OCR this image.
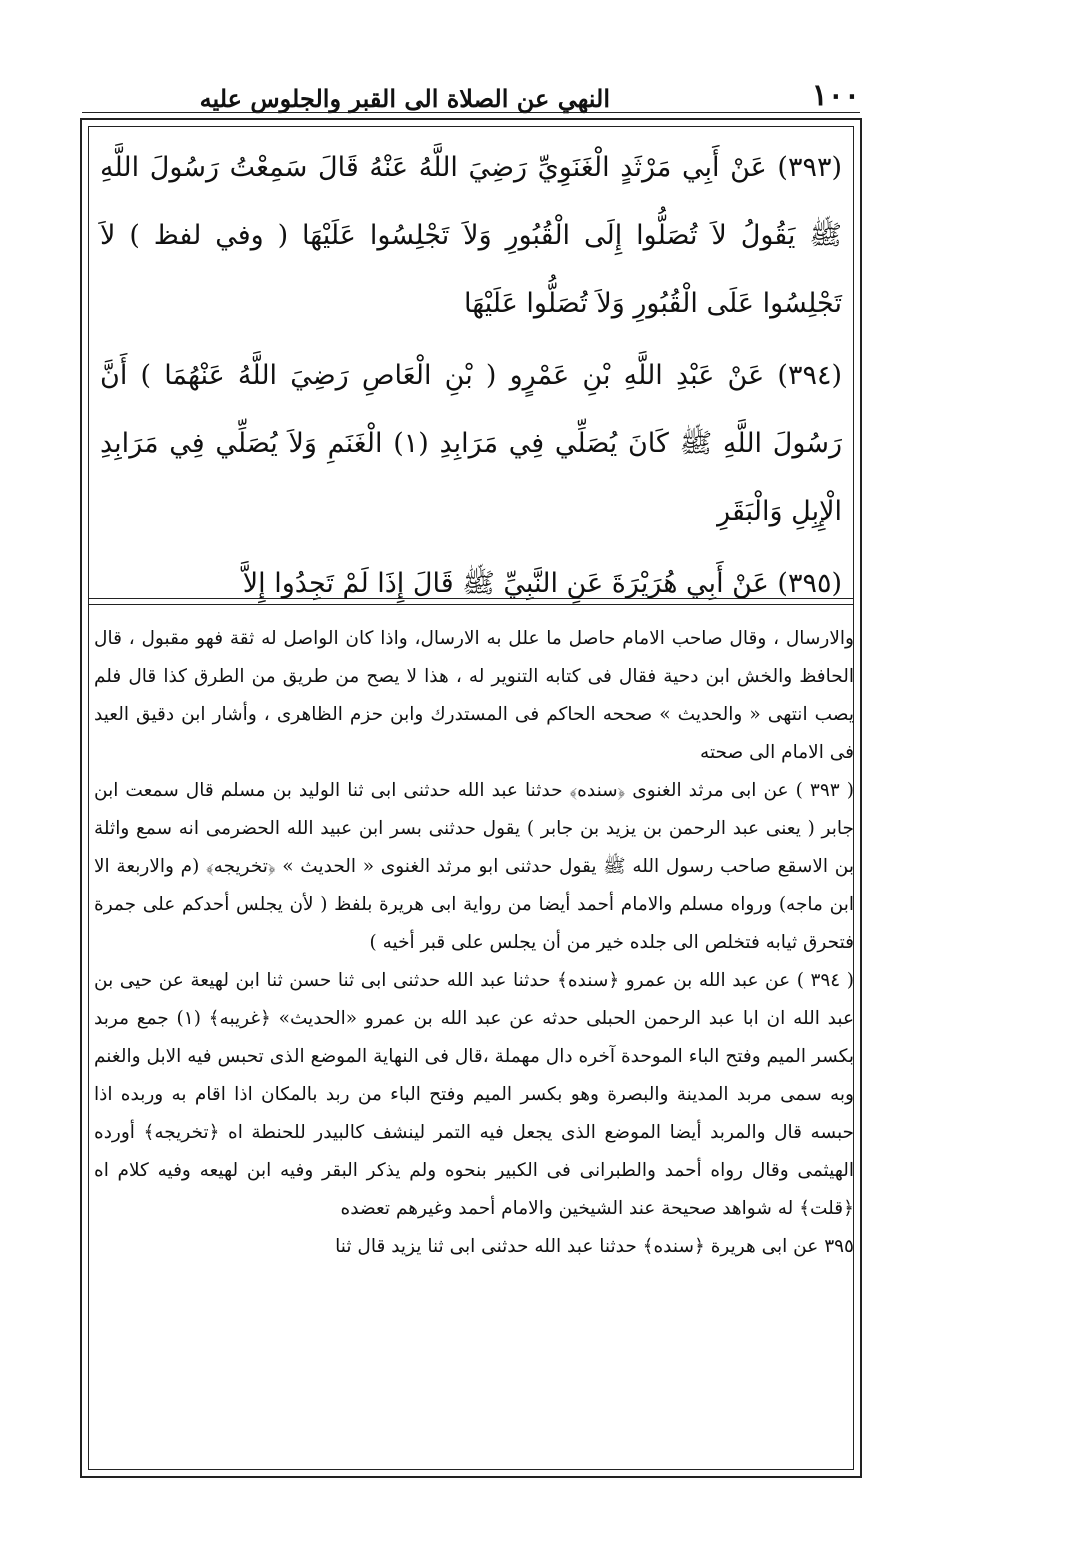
١٠٠
النهي عن الصلاة الى القبر والجلوس عليه

(٣٩٣) عَنْ أَبِي مَرْثَدٍ الْغَنَوِيِّ رَضِيَ اللَّهُ عَنْهُ قَالَ سَمِعْتُ رَسُولَ اللَّهِ ﷺ يَقُولُ لاَ تُصَلُّوا إِلَى الْقُبُورِ وَلاَ تَجْلِسُوا عَلَيْهَا ( وفي لفظ ) لاَ تَجْلِسُوا عَلَى الْقُبُورِ وَلاَ تُصَلُّوا عَلَيْهَا

(٣٩٤) عَنْ عَبْدِ اللَّهِ بْنِ عَمْرٍو ( بْنِ الْعَاصِ رَضِيَ اللَّهُ عَنْهُمَا ) أَنَّ رَسُولَ اللَّهِ ﷺ كَانَ يُصَلِّي فِي مَرَابِدِ (١) الْغَنَمِ وَلاَ يُصَلِّي فِي مَرَابِدِ الْإِبِلِ وَالْبَقَرِ

(٣٩٥) عَنْ أَبِي هُرَيْرَةَ عَنِ النَّبِيِّ ﷺ قَالَ إِذَا لَمْ تَجِدُوا إِلاَّ

والارسال ، وقال صاحب الامام حاصل ما علل به الارسال، واذا كان الواصل له ثقة فهو مقبول ، قال الحافظ والخش ابن دحية فقال فى كتابه التنوير له ، هذا لا يصح من طريق من الطرق كذا قال فلم يصب انتهى « والحديث » صححه الحاكم فى المستدرك وابن حزم الظاهرى ، وأشار ابن دقيق العيد فى الامام الى صحته

( ٣٩٣ ) عن ابى مرثد الغنوى ﴿سنده﴾ حدثنا عبد الله حدثنى ابى ثنا الوليد بن مسلم قال سمعت ابن جابر ( يعنى عبد الرحمن بن يزيد بن جابر ) يقول حدثنى بسر ابن عبيد الله الحضرمى انه سمع واثلة بن الاسقع صاحب رسول الله ﷺ يقول حدثنى ابو مرثد الغنوى « الحديث » ﴿تخريجه﴾ (م والاربعة الا ابن ماجه) ورواه مسلم والامام أحمد أيضا من رواية ابى هريرة بلفظ ( لأن يجلس أحدكم على جمرة فتحرق ثيابه فتخلص الى جلده خير من أن يجلس على قبر أخيه )

( ٣٩٤ ) عن عبد الله بن عمرو ﴿سنده﴾ حدثنا عبد الله حدثنى ابى ثنا حسن ثنا ابن لهيعة عن حيى بن عبد الله ان ابا عبد الرحمن الحبلى حدثه عن عبد الله بن عمرو «الحديث» ﴿غريبه﴾ (١) جمع مربد بكسر الميم وفتح الباء الموحدة آخره دال مهملة ،قال فى النهاية الموضع الذى تحبس فيه الابل والغنم وبه سمى مربد المدينة والبصرة وهو بكسر الميم وفتح الباء من ربد بالمكان اذا اقام به وربده اذا حبسه قال والمربد أيضا الموضع الذى يجعل فيه التمر لينشف كالبيدر للحنطة اه ﴿تخريجه﴾ أورده الهيثمى وقال رواه أحمد والطبرانى فى الكبير بنحوه ولم يذكر البقر وفيه ابن لهيعه وفيه كلام اه ﴿قلت﴾ له شواهد صحيحة عند الشيخين والامام أحمد وغيرهم تعضده

٣٩٥ عن ابى هريرة ﴿سنده﴾ حدثنا عبد الله حدثنى ابى ثنا يزيد قال ثنا
